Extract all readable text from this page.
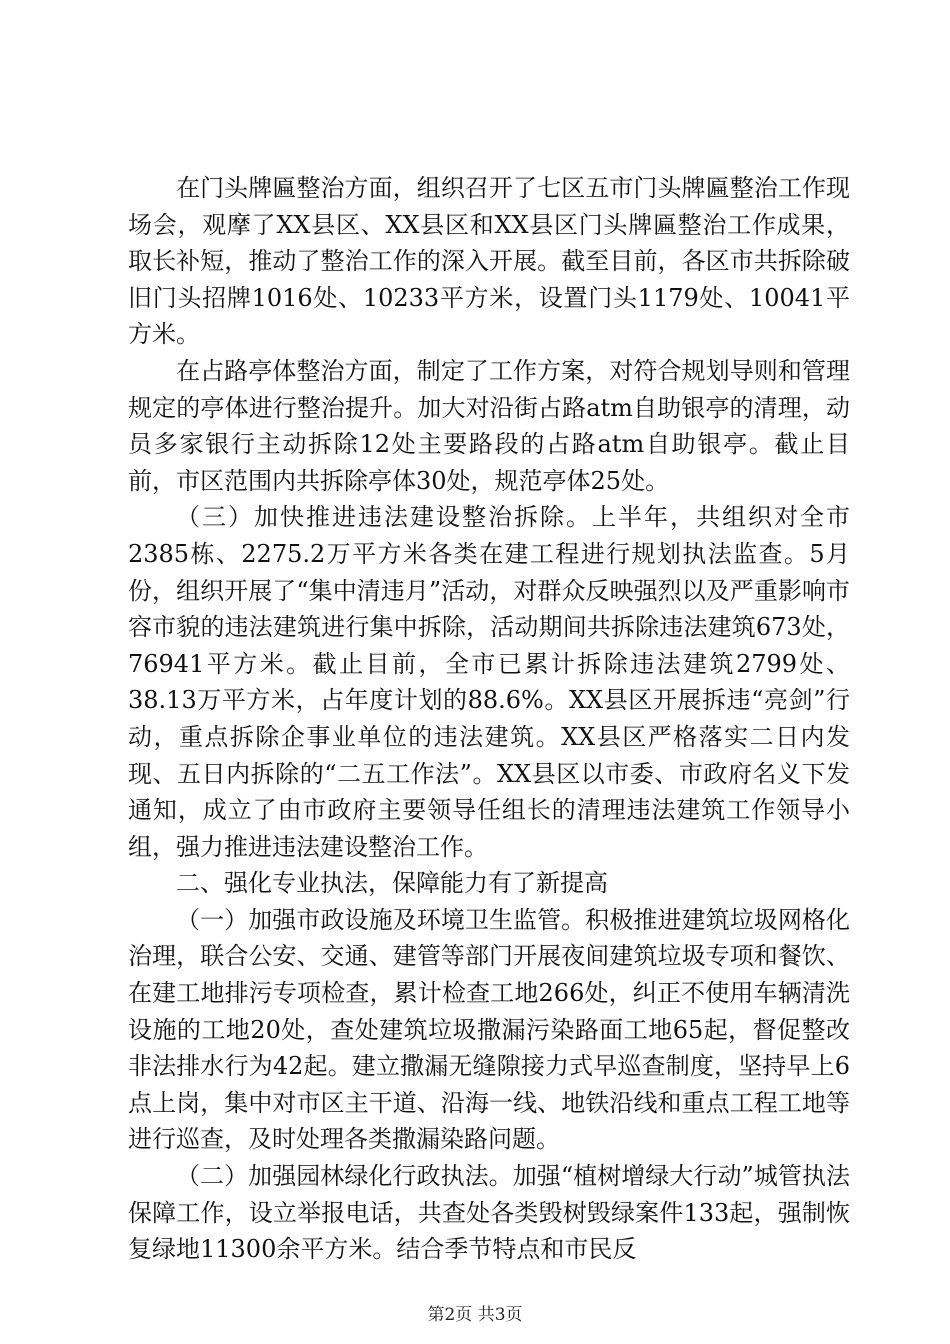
在门头牌匾整治方面，组织召开了七区五市门头牌匾整治工作现场会，观摩了XX县区、XX县区和XX县区门头牌匾整治工作成果，取长补短，推动了整治工作的深入开展。截至目前，各区市共拆除破旧门头招牌1016处、10233平方米，设置门头1179处、10041平方米。

在占路亭体整治方面，制定了工作方案，对符合规划导则和管理规定的亭体进行整治提升。加大对沿街占路atm自助银亭的清理，动员多家银行主动拆除12处主要路段的占路atm自助银亭。截止目前，市区范围内共拆除亭体30处，规范亭体25处。

（三）加快推进违法建设整治拆除。上半年，共组织对全市2385栋、2275.2万平方米各类在建工程进行规划执法监查。5月份，组织开展了“集中清违月”活动，对群众反映强烈以及严重影响市容市貌的违法建筑进行集中拆除，活动期间共拆除违法建筑673处，76941平方米。截止目前，全市已累计拆除违法建筑2799处、38.13万平方米，占年度计划的88.6%。XX县区开展拆违“亮剑”行动，重点拆除企事业单位的违法建筑。XX县区严格落实二日内发现、五日内拆除的“二五工作法”。XX县区以市委、市政府名义下发通知，成立了由市政府主要领导任组长的清理违法建筑工作领导小组，强力推进违法建设整治工作。

二、强化专业执法，保障能力有了新提高

（一）加强市政设施及环境卫生监管。积极推进建筑垃圾网格化治理，联合公安、交通、建管等部门开展夜间建筑垃圾专项和餐饮、在建工地排污专项检查，累计检查工地266处，纠正不使用车辆清洗设施的工地20处，查处建筑垃圾撒漏污染路面工地65起，督促整改非法排水行为42起。建立撒漏无缝隙接力式早巡查制度，坚持早上6点上岗，集中对市区主干道、沿海一线、地铁沿线和重点工程工地等进行巡查，及时处理各类撒漏染路问题。

（二）加强园林绿化行政执法。加强“植树增绿大行动”城管执法保障工作，设立举报电话，共查处各类毁树毁绿案件133起，强制恢复绿地11300余平方米。结合季节特点和市民反

第2页 共3页
